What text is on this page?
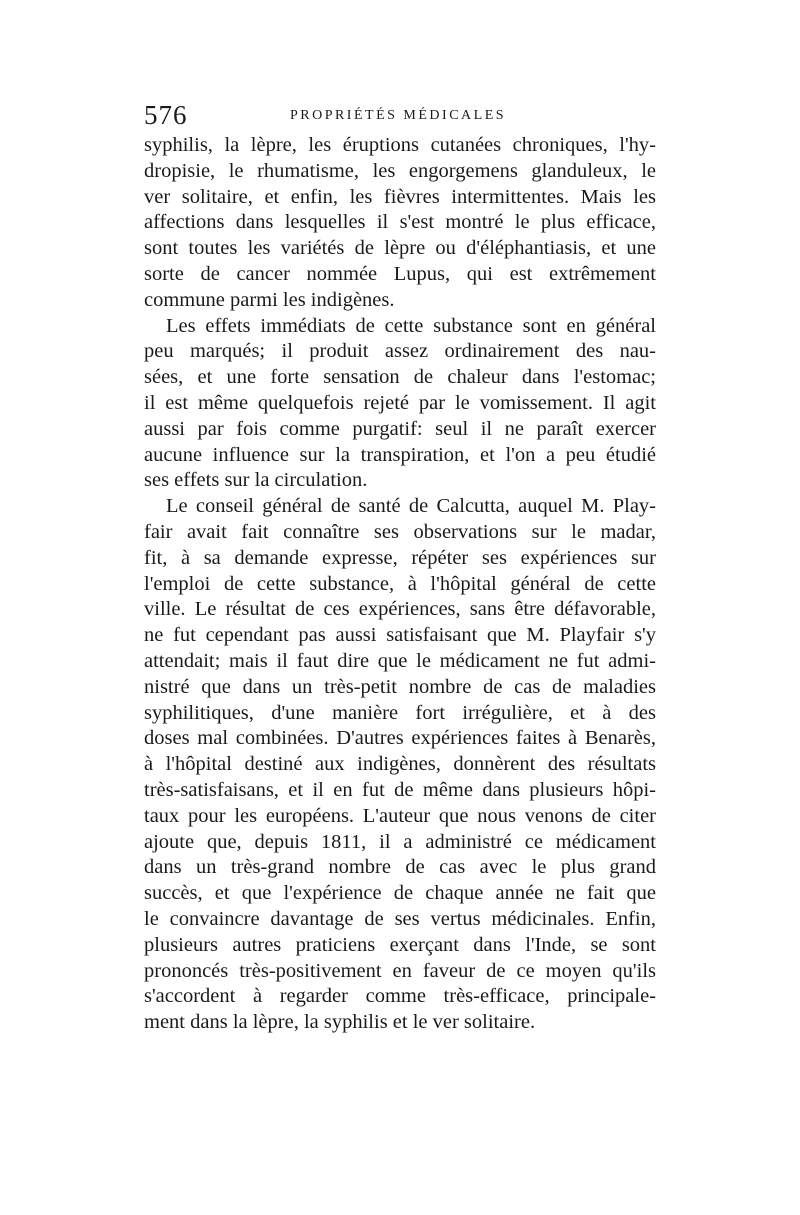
576	PROPRIÉTÉS MÉDICALES
syphilis, la lèpre, les éruptions cutanées chroniques, l'hy-
dropisie, le rhumatisme, les engorgemens glanduleux, le
ver solitaire, et enfin, les fièvres intermittentes. Mais les
affections dans lesquelles il s'est montré le plus efficace,
sont toutes les variétés de lèpre ou d'éléphantiasis, et une
sorte de cancer nommée Lupus, qui est extrêmement
commune parmi les indigènes.
Les effets immédiats de cette substance sont en général
peu marqués; il produit assez ordinairement des nau-
sées, et une forte sensation de chaleur dans l'estomac;
il est même quelquefois rejeté par le vomissement. Il agit
aussi par fois comme purgatif: seul il ne paraît exercer
aucune influence sur la transpiration, et l'on a peu étudié
ses effets sur la circulation.
Le conseil général de santé de Calcutta, auquel M. Play-
fair avait fait connaître ses observations sur le madar,
fit, à sa demande expresse, répéter ses expériences sur
l'emploi de cette substance, à l'hôpital général de cette
ville. Le résultat de ces expériences, sans être défavorable,
ne fut cependant pas aussi satisfaisant que M. Playfair s'y
attendait; mais il faut dire que le médicament ne fut admi-
nistré que dans un très-petit nombre de cas de maladies
syphilitiques, d'une manière fort irrégulière, et à des
doses mal combinées. D'autres expériences faites à Benarès,
à l'hôpital destiné aux indigènes, donnèrent des résultats
très-satisfaisans, et il en fut de même dans plusieurs hôpi-
taux pour les européens. L'auteur que nous venons de citer
ajoute que, depuis 1811, il a administré ce médicament
dans un très-grand nombre de cas avec le plus grand
succès, et que l'expérience de chaque année ne fait que
le convaincre davantage de ses vertus médicinales. Enfin,
plusieurs autres praticiens exerçant dans l'Inde, se sont
prononcés très-positivement en faveur de ce moyen qu'ils
s'accordent à regarder comme très-efficace, principale-
ment dans la lèpre, la syphilis et le ver solitaire.
